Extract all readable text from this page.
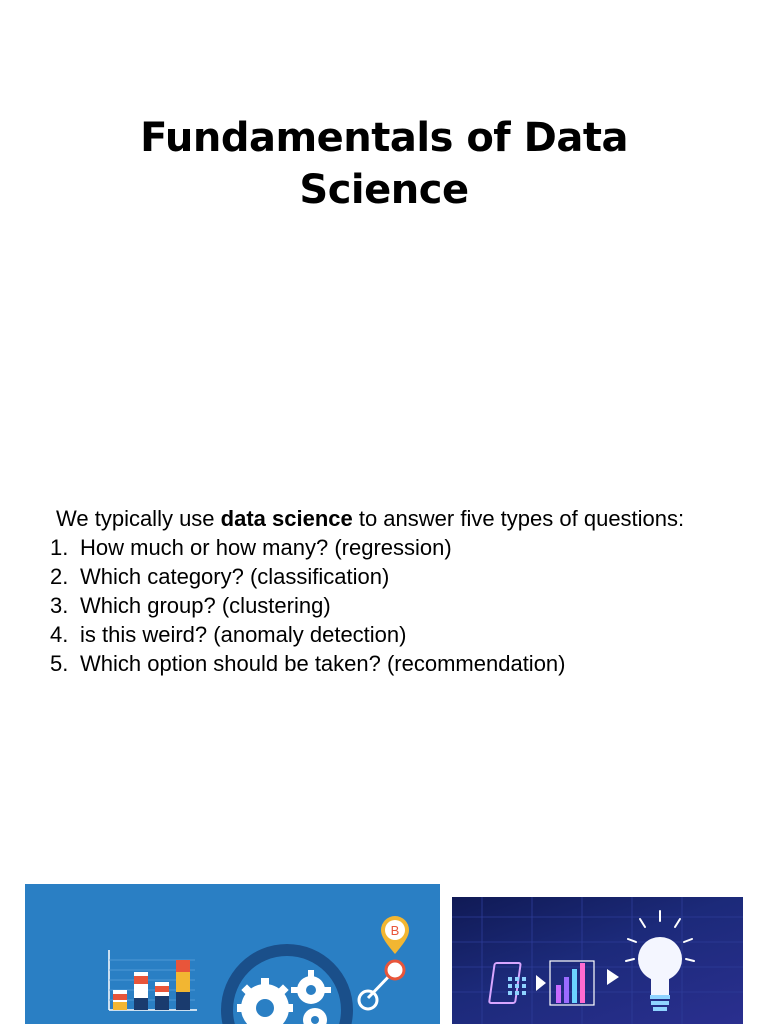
Fundamentals of Data
Science

We typically use data science to answer five types of questions:

1. How much or how many? (regression)
2. Which category? (classification)
3. Which group? (clustering)
4. is this weird? (anomaly detection)
5. Which option should be taken? (recommendation)
B
